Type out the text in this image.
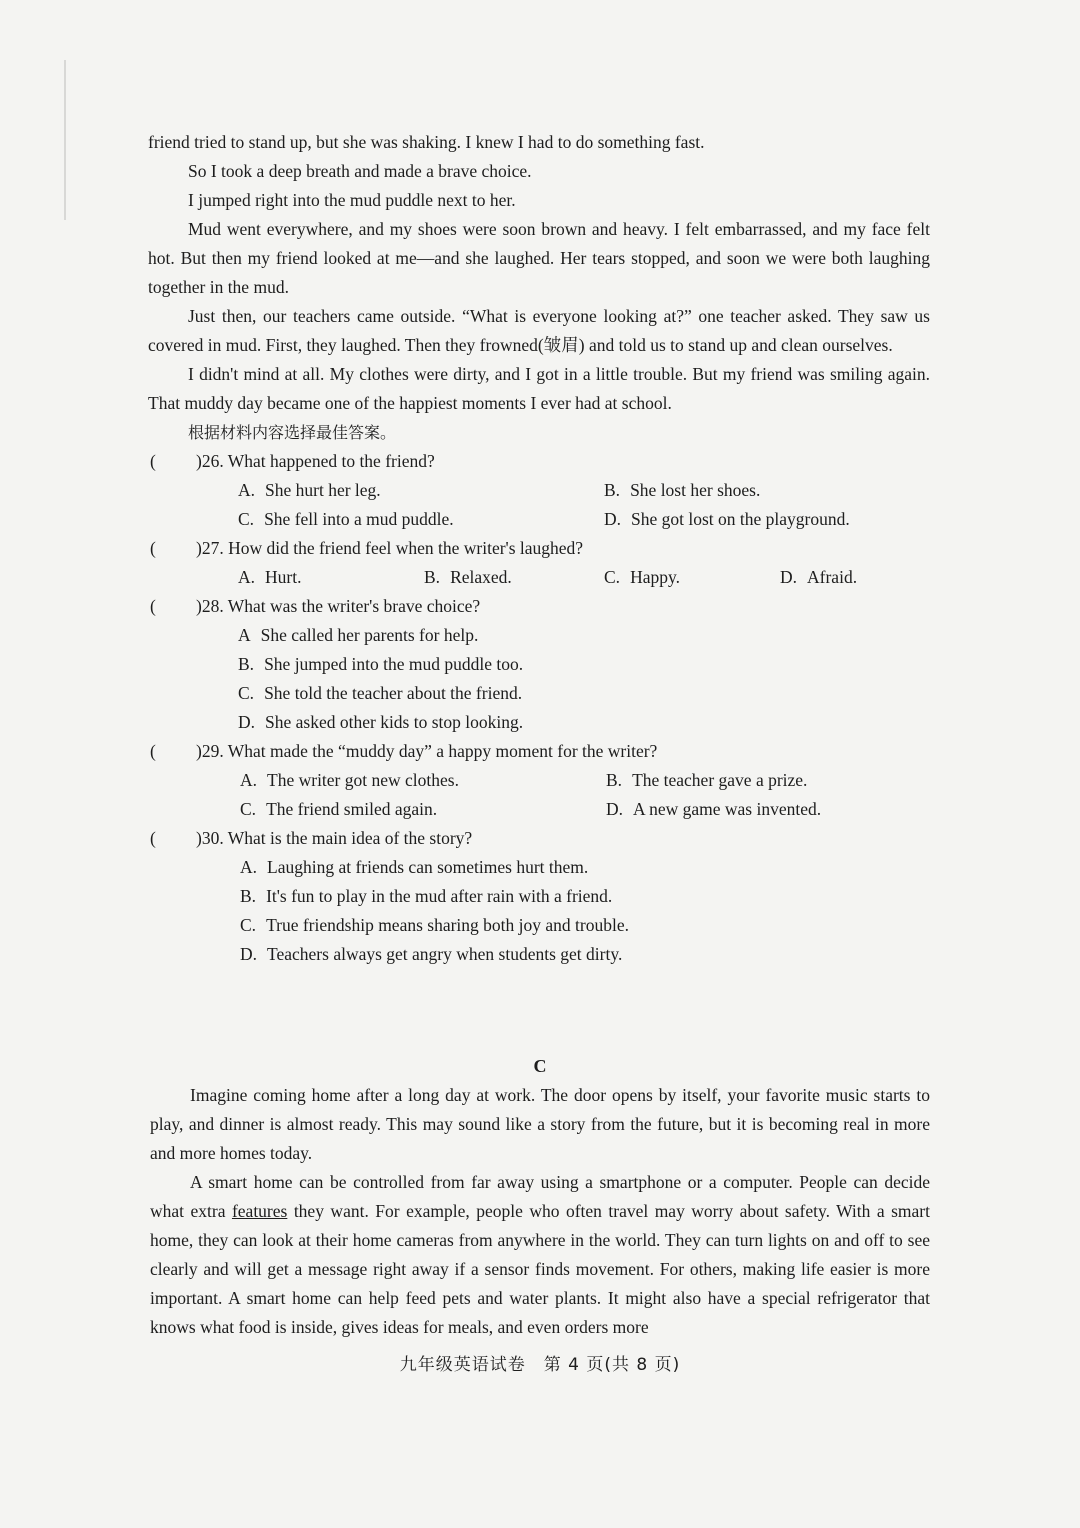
friend tried to stand up, but she was shaking. I knew I had to do something fast.

So I took a deep breath and made a brave choice.

I jumped right into the mud puddle next to her.

Mud went everywhere, and my shoes were soon brown and heavy. I felt embarrassed, and my face felt hot. But then my friend looked at me—and she laughed. Her tears stopped, and soon we were both laughing together in the mud.

Just then, our teachers came outside. “What is everyone looking at?” one teacher asked. They saw us covered in mud. First, they laughed. Then they frowned(皱眉) and told us to stand up and clean ourselves.

I didn't mind at all. My clothes were dirty, and I got in a little trouble. But my friend was smiling again. That muddy day became one of the happiest moments I ever had at school.

根据材料内容选择最佳答案。

( )26. What happened to the friend?
A. She hurt her leg.	B. She lost her shoes.
C. She fell into a mud puddle.	D. She got lost on the playground.
( )27. How did the friend feel when the writer's laughed?
A. Hurt.	B. Relaxed.	C. Happy.	D. Afraid.
( )28. What was the writer's brave choice?
A She called her parents for help.
B. She jumped into the mud puddle too.
C. She told the teacher about the friend.
D. She asked other kids to stop looking.
( )29. What made the “muddy day” a happy moment for the writer?
A. The writer got new clothes.	B. The teacher gave a prize.
C. The friend smiled again.	D. A new game was invented.
( )30. What is the main idea of the story?
A. Laughing at friends can sometimes hurt them.
B. It's fun to play in the mud after rain with a friend.
C. True friendship means sharing both joy and trouble.
D. Teachers always get angry when students get dirty.

C

Imagine coming home after a long day at work. The door opens by itself, your favorite music starts to play, and dinner is almost ready. This may sound like a story from the future, but it is becoming real in more and more homes today.

A smart home can be controlled from far away using a smartphone or a computer. People can decide what extra features they want. For example, people who often travel may worry about safety. With a smart home, they can look at their home cameras from anywhere in the world. They can turn lights on and off to see clearly and will get a message right away if a sensor finds movement. For others, making life easier is more important. A smart home can help feed pets and water plants. It might also have a special refrigerator that knows what food is inside, gives ideas for meals, and even orders more

九年级英语试卷　第 4 页(共 8 页)
